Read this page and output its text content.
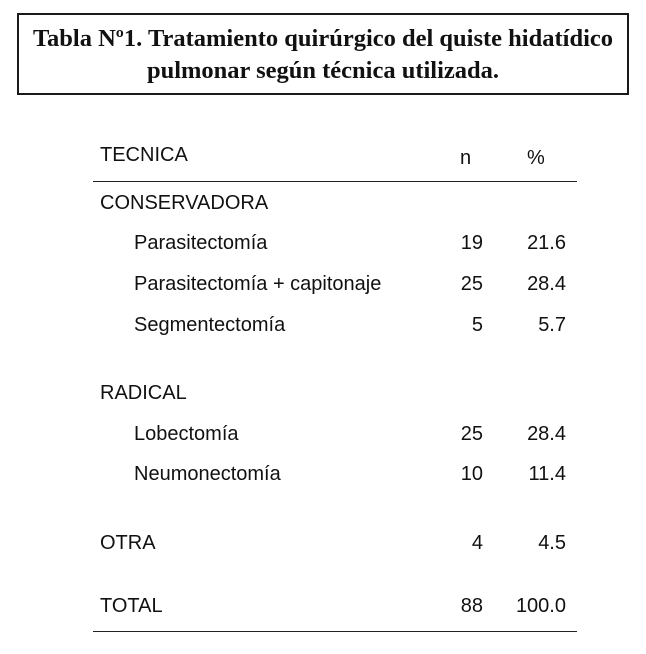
Tabla Nº1. Tratamiento quirúrgico del quiste hidatídico
pulmonar según técnica utilizada.
TECNICA	n	%
CONSERVADORA
Parasitectomía	19 21.6
Parasitectomía + capitonaje	25 28.4
Segmentectomía	5	5.7
RADICAL
Lobectomía	25 28.4
Neumonectomía	10 11.4
OTRA	4	4.5
TOTAL	88 100.0
